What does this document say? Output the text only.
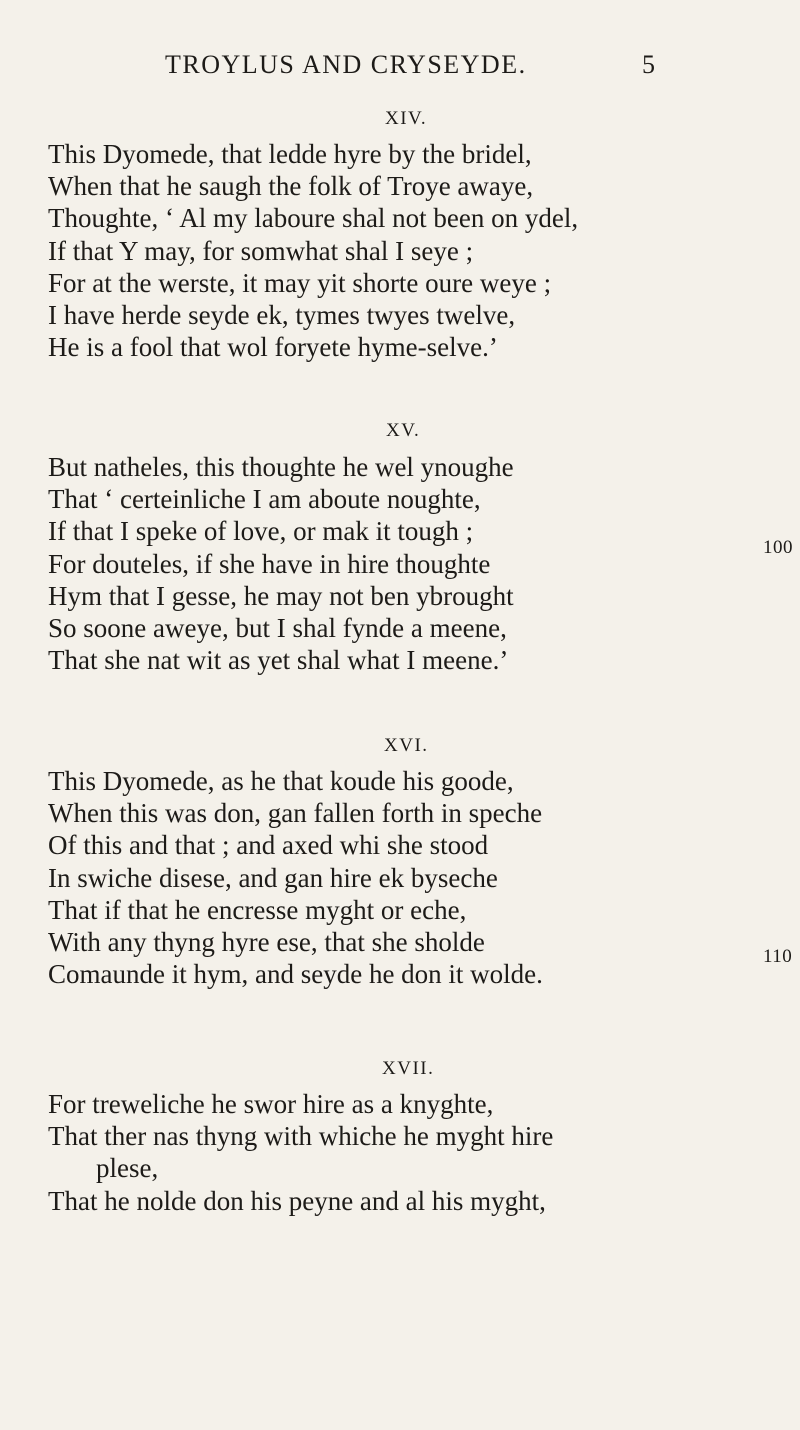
TROYLUS AND CRYSEYDE.	5
XIV.
This Dyomede, that ledde hyre by the bridel,
When that he saugh the folk of Troye awaye,
Thoughte, ‘ Al my laboure shal not been on ydel,
If that Y may, for somwhat shal I seye ;
For at the werste, it may yit shorte oure weye ;
I have herde seyde ek, tymes twyes twelve,
He is a fool that wol foryete hyme-selve.’
XV.
But natheles, this thoughte he wel ynoughe
That ‘ certeinliche I am aboute noughte,
If that I speke of love, or mak it tough ;
For douteles, if she have in hire thoughte
Hym that I gesse, he may not ben ybrought
So soone aweye, but I shal fynde a meene,
That she nat wit as yet shal what I meene.’
100
XVI.
This Dyomede, as he that koude his goode,
When this was don, gan fallen forth in speche
Of this and that ; and axed whi she stood
In swiche disese, and gan hire ek byseche
That if that he encresse myght or eche,
With any thyng hyre ese, that she sholde
Comaunde it hym, and seyde he don it wolde.
110
XVII.
For treweliche he swor hire as a knyghte,
That ther nas thyng with whiche he myght hire
plese,
That he nolde don his peyne and al his myght,
